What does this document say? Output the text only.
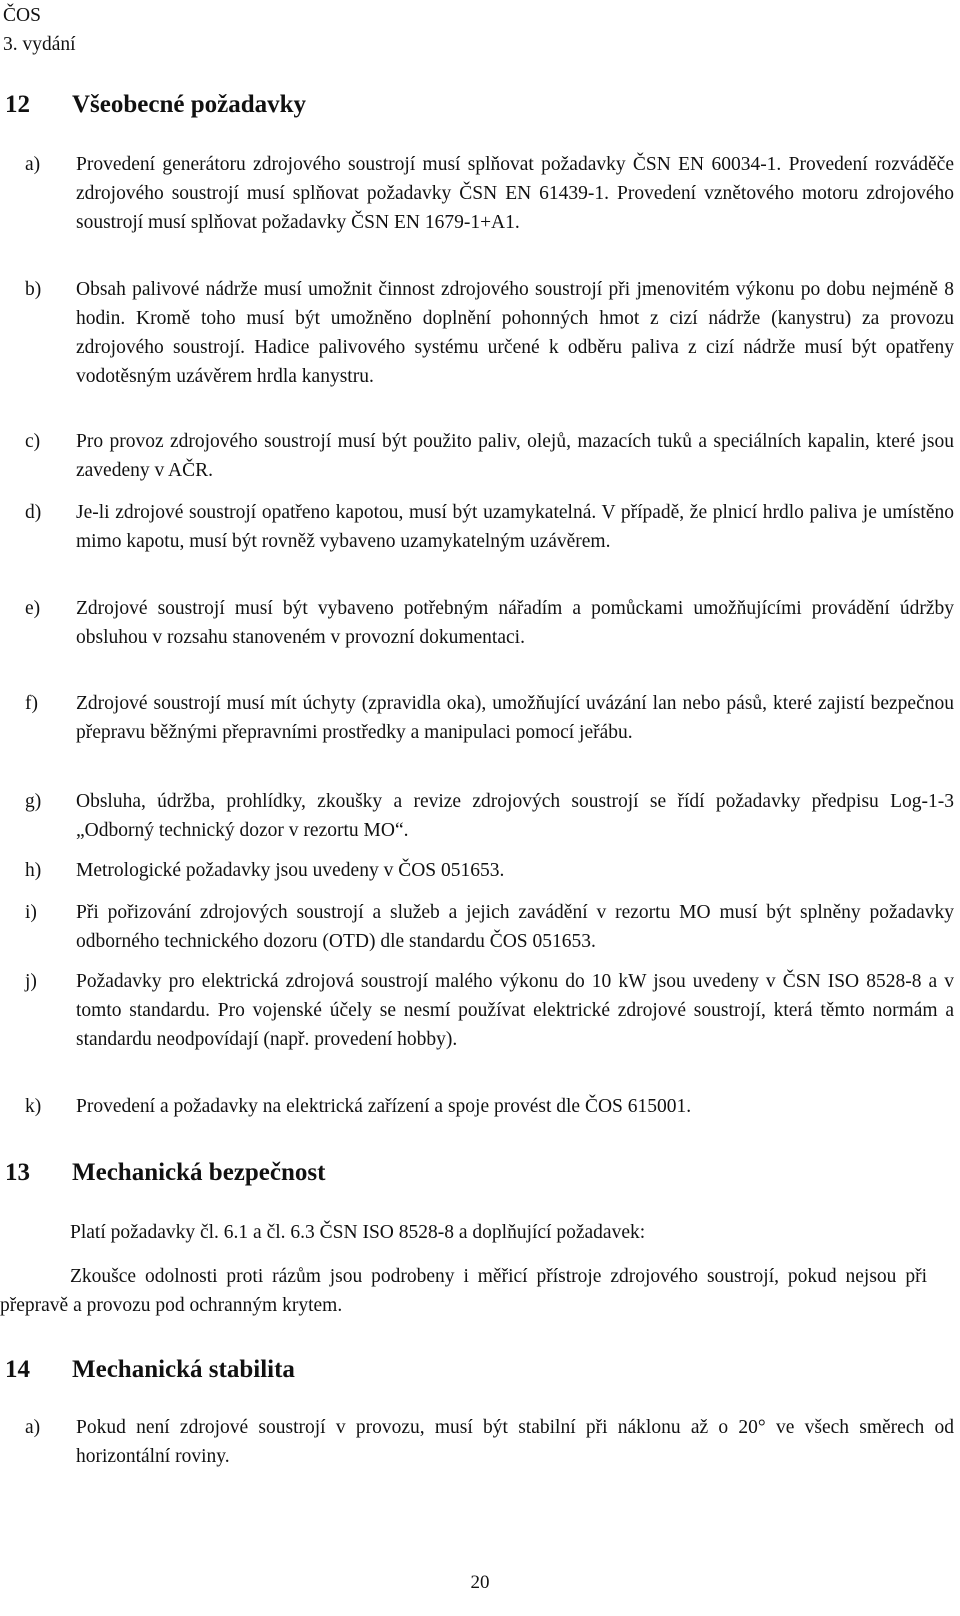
ČOS
3. vydání
12 Všeobecné požadavky
a)	Provedení generátoru zdrojového soustrojí musí splňovat požadavky ČSN EN 60034-1. Provedení rozváděče zdrojového soustrojí musí splňovat požadavky ČSN EN 61439-1. Provedení vznětového motoru zdrojového soustrojí musí splňovat požadavky ČSN EN 1679-1+A1.
b)	Obsah palivové nádrže musí umožnit činnost zdrojového soustrojí při jmenovitém výkonu po dobu nejméně 8 hodin. Kromě toho musí být umožněno doplnění pohonných hmot z cizí nádrže (kanystru) za provozu zdrojového soustrojí. Hadice palivového systému určené k odběru paliva z cizí nádrže musí být opatřeny vodotěsným uzávěrem hrdla kanystru.
c)	Pro provoz zdrojového soustrojí musí být použito paliv, olejů, mazacích tuků a speciálních kapalin, které jsou zavedeny v AČR.
d)	Je-li zdrojové soustrojí opatřeno kapotou, musí být uzamykatelná. V případě, že plnicí hrdlo paliva je umístěno mimo kapotu, musí být rovněž vybaveno uzamykatelným uzávěrem.
e)	Zdrojové soustrojí musí být vybaveno potřebným nářadím a pomůckami umožňujícími provádění údržby obsluhou v rozsahu stanoveném v provozní dokumentaci.
f)	Zdrojové soustrojí musí mít úchyty (zpravidla oka), umožňující uvázání lan nebo pásů, které zajistí bezpečnou přepravu běžnými přepravními prostředky a manipulaci pomocí jeřábu.
g)	Obsluha, údržba, prohlídky, zkoušky a revize zdrojových soustrojí se řídí požadavky předpisu Log-1-3 „Odborný technický dozor v rezortu MO“.
h)	Metrologické požadavky jsou uvedeny v ČOS 051653.
i)	Při pořizování zdrojových soustrojí a služeb a jejich zavádění v rezortu MO musí být splněny požadavky odborného technického dozoru (OTD) dle standardu ČOS 051653.
j)	Požadavky pro elektrická zdrojová soustrojí malého výkonu do 10 kW jsou uvedeny v ČSN ISO 8528-8 a v tomto standardu. Pro vojenské účely se nesmí používat elektrické zdrojové soustrojí, která těmto normám a standardu neodpovídají (např. provedení hobby).
k)	Provedení a požadavky na elektrická zařízení a spoje provést dle ČOS 615001.
13 Mechanická bezpečnost
Platí požadavky čl. 6.1 a čl. 6.3 ČSN ISO 8528-8 a doplňující požadavek:
Zkoušce odolnosti proti rázům jsou podrobeny i měřicí přístroje zdrojového soustrojí, pokud nejsou při přepravě a provozu pod ochranným krytem.
14 Mechanická stabilita
a)	Pokud není zdrojové soustrojí v provozu, musí být stabilní při náklonu až o 20° ve všech směrech od horizontální roviny.
20
